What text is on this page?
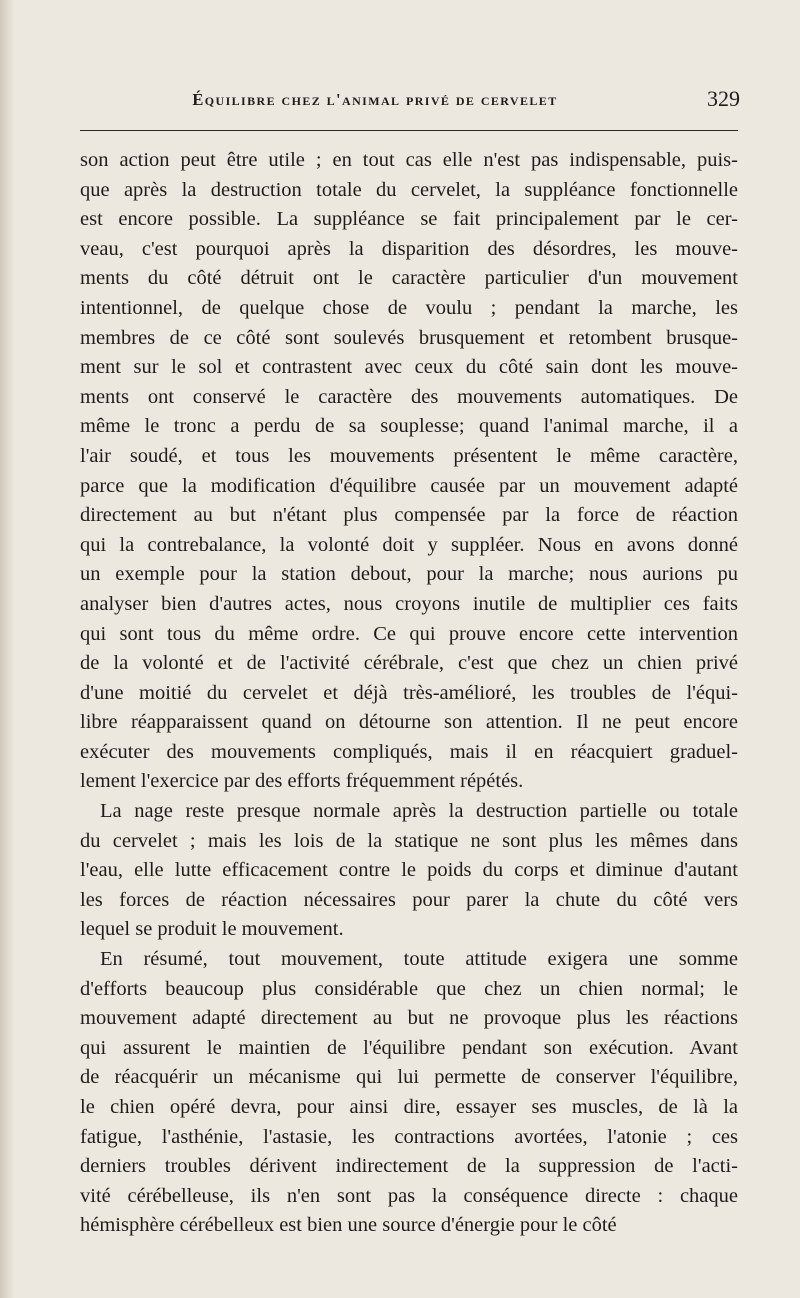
Équilibre chez l'animal privé de cervelet	329
son action peut être utile ; en tout cas elle n'est pas indispensable, puis-
que après la destruction totale du cervelet, la suppléance fonctionnelle
est encore possible. La suppléance se fait principalement par le cer-
veau, c'est pourquoi après la disparition des désordres, les mouve-
ments du côté détruit ont le caractère particulier d'un mouvement
intentionnel, de quelque chose de voulu ; pendant la marche, les
membres de ce côté sont soulevés brusquement et retombent brusque-
ment sur le sol et contrastent avec ceux du côté sain dont les mouve-
ments ont conservé le caractère des mouvements automatiques. De
même le tronc a perdu de sa souplesse; quand l'animal marche, il a
l'air soudé, et tous les mouvements présentent le même caractère,
parce que la modification d'équilibre causée par un mouvement adapté
directement au but n'étant plus compensée par la force de réaction
qui la contrebalance, la volonté doit y suppléer. Nous en avons donné
un exemple pour la station debout, pour la marche; nous aurions pu
analyser bien d'autres actes, nous croyons inutile de multiplier ces faits
qui sont tous du même ordre. Ce qui prouve encore cette intervention
de la volonté et de l'activité cérébrale, c'est que chez un chien privé
d'une moitié du cervelet et déjà très-amélioré, les troubles de l'équi-
libre réapparaissent quand on détourne son attention. Il ne peut encore
exécuter des mouvements compliqués, mais il en réacquiert graduel-
lement l'exercice par des efforts fréquemment répétés.
La nage reste presque normale après la destruction partielle ou totale
du cervelet ; mais les lois de la statique ne sont plus les mêmes dans
l'eau, elle lutte efficacement contre le poids du corps et diminue d'autant
les forces de réaction nécessaires pour parer la chute du côté vers
lequel se produit le mouvement.
En résumé, tout mouvement, toute attitude exigera une somme
d'efforts beaucoup plus considérable que chez un chien normal; le
mouvement adapté directement au but ne provoque plus les réactions
qui assurent le maintien de l'équilibre pendant son exécution. Avant
de réacquérir un mécanisme qui lui permette de conserver l'équilibre,
le chien opéré devra, pour ainsi dire, essayer ses muscles, de là la
fatigue, l'asthénie, l'astasie, les contractions avortées, l'atonie ; ces
derniers troubles dérivent indirectement de la suppression de l'acti-
vité cérébelleuse, ils n'en sont pas la conséquence directe : chaque
hémisphère cérébelleux est bien une source d'énergie pour le côté
